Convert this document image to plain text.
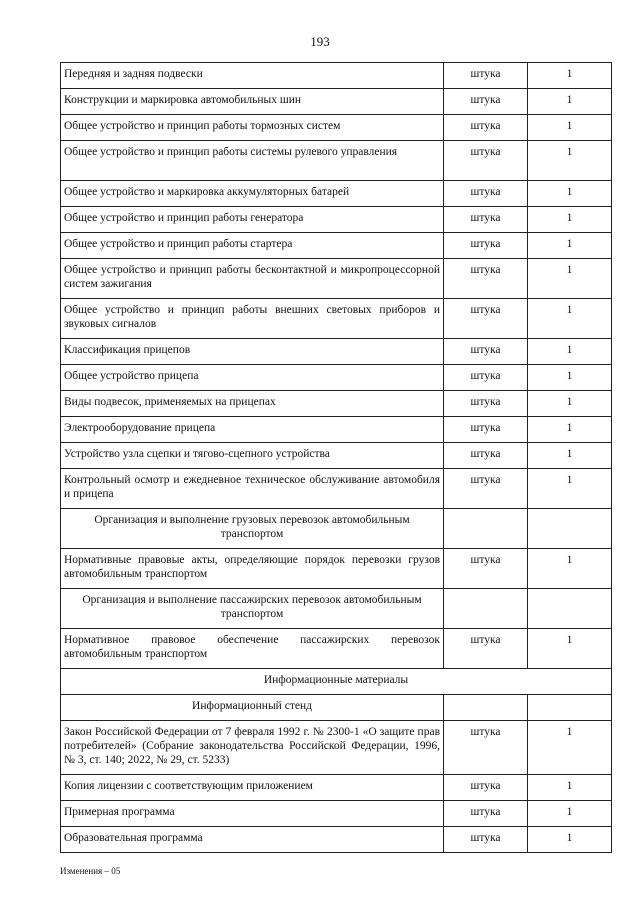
193
Передняя и задняя подвески	штука	1
Конструкции и маркировка автомобильных шин	штука	1
Общее устройство и принцип работы тормозных систем	штука	1
Общее устройство и принцип работы системы рулевого управления	штука	1
Общее устройство и маркировка аккумуляторных батарей	штука	1
Общее устройство и принцип работы генератора	штука	1
Общее устройство и принцип работы стартера	штука	1
Общее устройство и принцип работы бесконтактной и микропроцессорной систем зажигания	штука	1
Общее устройство и принцип работы внешних световых приборов и звуковых сигналов	штука	1
Классификация прицепов	штука	1
Общее устройство прицепа	штука	1
Виды подвесок, применяемых на прицепах	штука	1
Электрооборудование прицепа	штука	1
Устройство узла сцепки и тягово-сцепного устройства	штука	1
Контрольный осмотр и ежедневное техническое обслуживание автомобиля и прицепа	штука	1
Организация и выполнение грузовых перевозок автомобильным транспортом		
Нормативные правовые акты, определяющие порядок перевозки грузов автомобильным транспортом	штука	1
Организация и выполнение пассажирских перевозок автомобильным транспортом		
Нормативное правовое обеспечение пассажирских перевозок автомобильным транспортом	штука	1
Информационные материалы		
Информационный стенд		
Закон Российской Федерации от 7 февраля 1992 г. № 2300-1 «О защите прав потребителей» (Собрание законодательства Российской Федерации, 1996, № 3, ст. 140; 2022, № 29, ст. 5233)	штука	1
Копия лицензии с соответствующим приложением	штука	1
Примерная программа	штука	1
Образовательная программа	штука	1
Изменения – 05
